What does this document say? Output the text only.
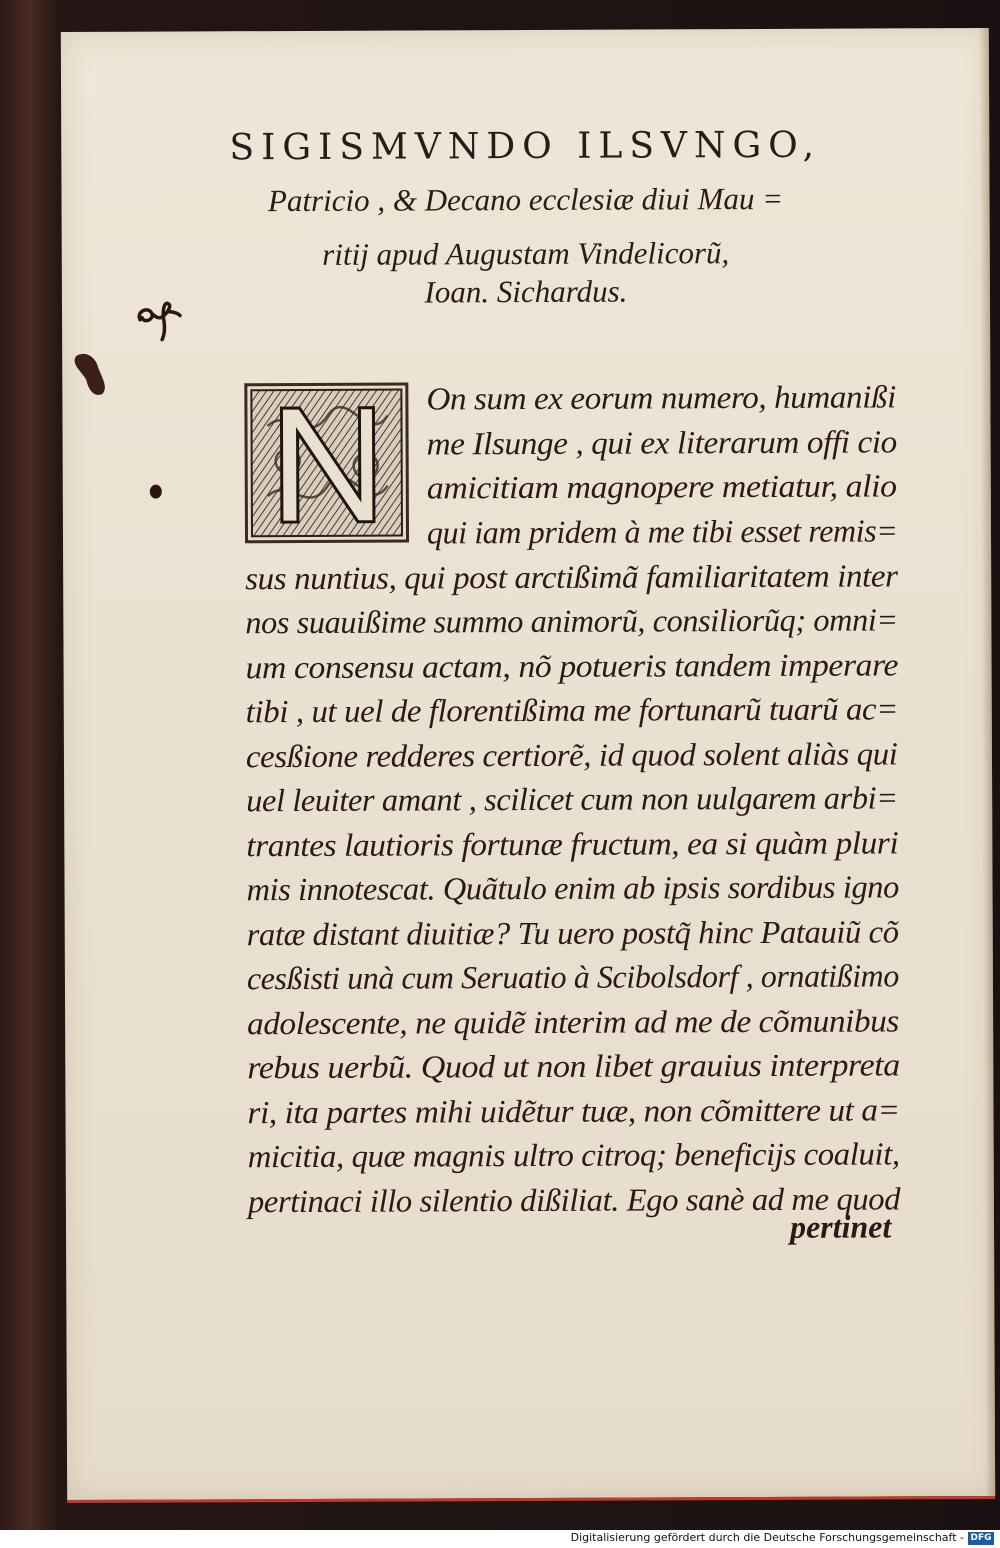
SIGISMVNDO ILSVNGO,
Patricio , & Decano ecclesiæ diui Mau =
ritij apud Augustam Vindelicorũ,
Ioan. Sichardus.
On sum ex eorum numero, humanißi
me Ilsunge , qui ex literarum offi cio
amicitiam magnopere metiatur, alio
qui iam pridem à me tibi esset remis=
sus nuntius, qui post arctißimã familiaritatem inter
nos suauißime summo animorũ, consiliorũq; omni=
um consensu actam, nõ potueris tandem imperare
tibi , ut uel de florentißima me fortunarũ tuarũ ac=
cesßione redderes certiorẽ, id quod solent aliàs qui
uel leuiter amant , scilicet cum non uulgarem arbi=
trantes lautioris fortunæ fructum, ea si quàm pluri
mis innotescat. Quãtulo enim ab ipsis sordibus igno
ratæ distant diuitiæ? Tu uero postq̃ hinc Patauiũ cõ
cesßisti unà cum Seruatio à Scibolsdorf , ornatißimo
adolescente, ne quidẽ interim ad me de cõmunibus
rebus uerbũ. Quod ut non libet grauius interpreta
ri, ita partes mihi uidẽtur tuæ, non cõmittere ut a=
micitia, quæ magnis ultro citroq; beneficijs coaluit,
pertinaci illo silentio dißiliat. Ego sanè ad me quod
pertinet
Digitalisierung gefördert durch die Deutsche Forschungsgemeinschaft - DFG
